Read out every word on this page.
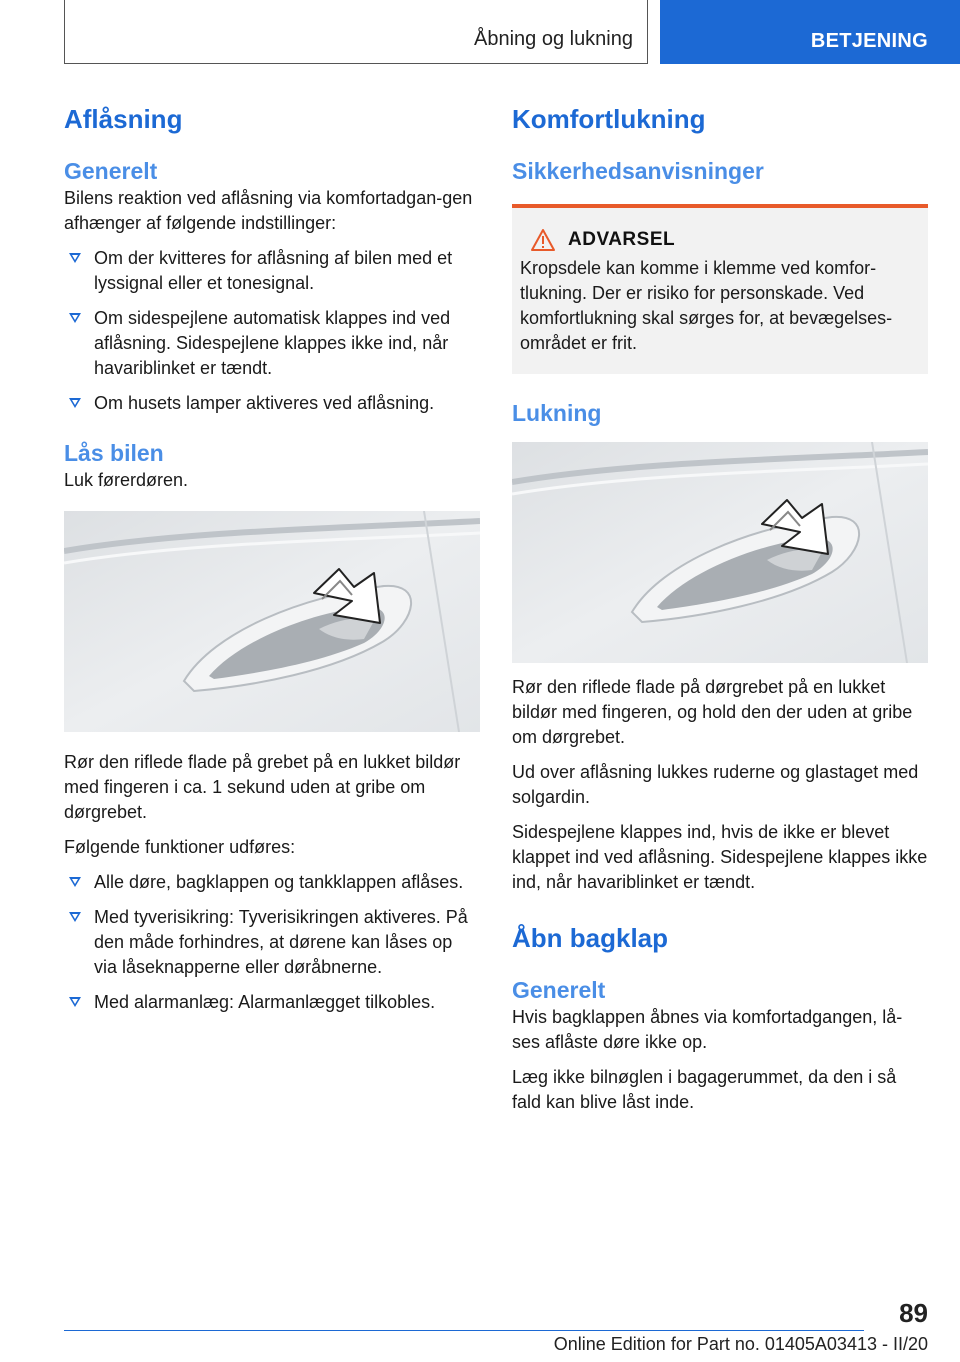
Åbning og lukning	BETJENING
Aflåsning
Generelt

Bilens reaktion ved aflåsning via komfortadgan-gen afhænger af følgende indstillinger:

Om der kvitteres for aflåsning af bilen med et lyssignal eller et tonesignal.
Om sidespejlene automatisk klappes ind ved aflåsning. Sidespejlene klappes ikke ind, når havariblinket er tændt.
Om husets lamper aktiveres ved aflåsning.
Lås bilen

Luk førerdøren.

Rør den riflede flade på grebet på en lukket bildør med fingeren i ca. 1 sekund uden at gribe om dørgrebet.

Følgende funktioner udføres:

Alle døre, bagklappen og tankklappen aflåses.
Med tyverisikring: Tyverisikringen aktiveres. På den måde forhindres, at dørene kan låses op via låseknapperne eller døråbnerne.
Med alarmanlæg: Alarmanlægget tilkobles.
Komfortlukning
Sikkerhedsanvisninger
ADVARSEL

Kropsdele kan komme i klemme ved komfor-tlukning. Der er risiko for personskade. Ved komfortlukning skal sørges for, at bevægelses-området er frit.

Lukning

Rør den riflede flade på dørgrebet på en lukket bildør med fingeren, og hold den der uden at gribe om dørgrebet.

Ud over aflåsning lukkes ruderne og glastaget med solgardin.

Sidespejlene klappes ind, hvis de ikke er blevet klappet ind ved aflåsning. Sidespejlene klappes ikke ind, når havariblinket er tændt.

Åbn bagklap
Generelt

Hvis bagklappen åbnes via komfortadgangen, lå-ses aflåste døre ikke op.

Læg ikke bilnøglen i bagagerummet, da den i så fald kan blive låst inde.

89
Online Edition for Part no. 01405A03413 - II/20
